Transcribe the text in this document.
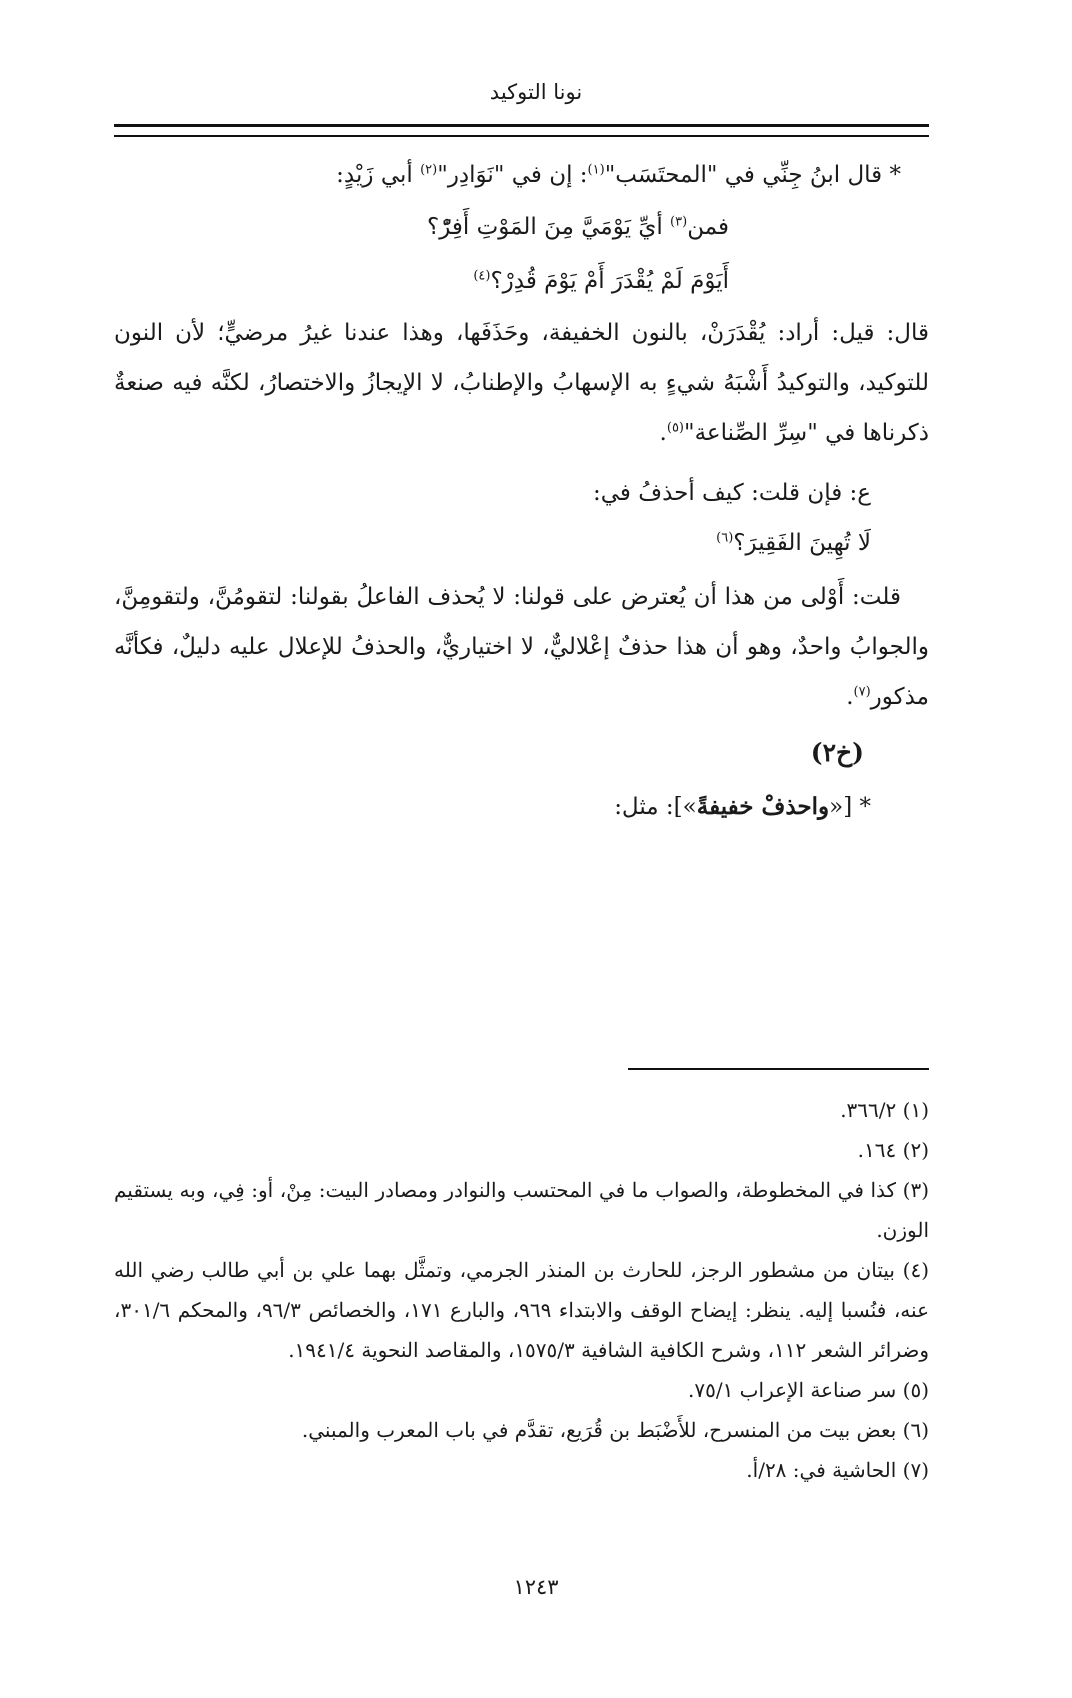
نونا التوكيد
* قال ابنُ جِنِّي في "المحتَسَب"$^{(١)}$: إن في "نَوَادِر"$^{(٢)}$ أبي زَيْدٍ:
فمن$^{(٣)}$ أيِّ يَوْمَيَّ مِنَ المَوْتِ أَفِرّْ؟
أَيَوْمَ لَمْ يُقْدَرَ أَمْ يَوْمَ قُدِرْ؟$^{(٤)}$
قال: قيل: أراد: يُقْدَرَنْ، بالنون الخفيفة، وحَذَفَها، وهذا عندنا غيرُ مرضيٍّ؛ لأن النون للتوكيد، والتوكيدُ أَشْبَهُ شيءٍ به الإسهابُ والإطنابُ، لا الإيجازُ والاختصارُ، لكنَّه فيه صنعةٌ ذكرناها في "سِرِّ الصِّناعة"$^{(٥)}$.
ع: فإن قلت: كيف أحذفُ في:
لَا تُهِينَ الفَقِيرَ؟$^{(٦)}$
قلت: أَوْلى من هذا أن يُعترض على قولنا: لا يُحذف الفاعلُ بقولنا: لتقومُنَّ، ولتقومِنَّ، والجوابُ واحدٌ، وهو أن هذا حذفٌ إعْلاليٌّ، لا اختياريٌّ، والحذفُ للإعلال عليه دليلٌ، فكأنَّه مذكور$^{(٧)}$.
(خ٢)
* [«واحذفْ خفيفةً»]: مثل:
(١) ٣٦٦/٢.
(٢) ١٦٤.
(٣) كذا في المخطوطة، والصواب ما في المحتسب والنوادر ومصادر البيت: مِنْ، أو: فِي، وبه يستقيم الوزن.
(٤) بيتان من مشطور الرجز، للحارث بن المنذر الجرمي، وتمثَّل بهما علي بن أبي طالب رضي الله عنه، فنُسبا إليه. ينظر: إيضاح الوقف والابتداء ٩٦٩، والبارع ١٧١، والخصائص ٩٦/٣، والمحكم ٣٠١/٦، وضرائر الشعر ١١٢، وشرح الكافية الشافية ١٥٧٥/٣، والمقاصد النحوية ١٩٤١/٤.
(٥) سر صناعة الإعراب ٧٥/١.
(٦) بعض بيت من المنسرح، للأَضْبَط بن قُرَيع، تقدَّم في باب المعرب والمبني.
(٧) الحاشية في: ٢٨/أ.
١٢٤٣
